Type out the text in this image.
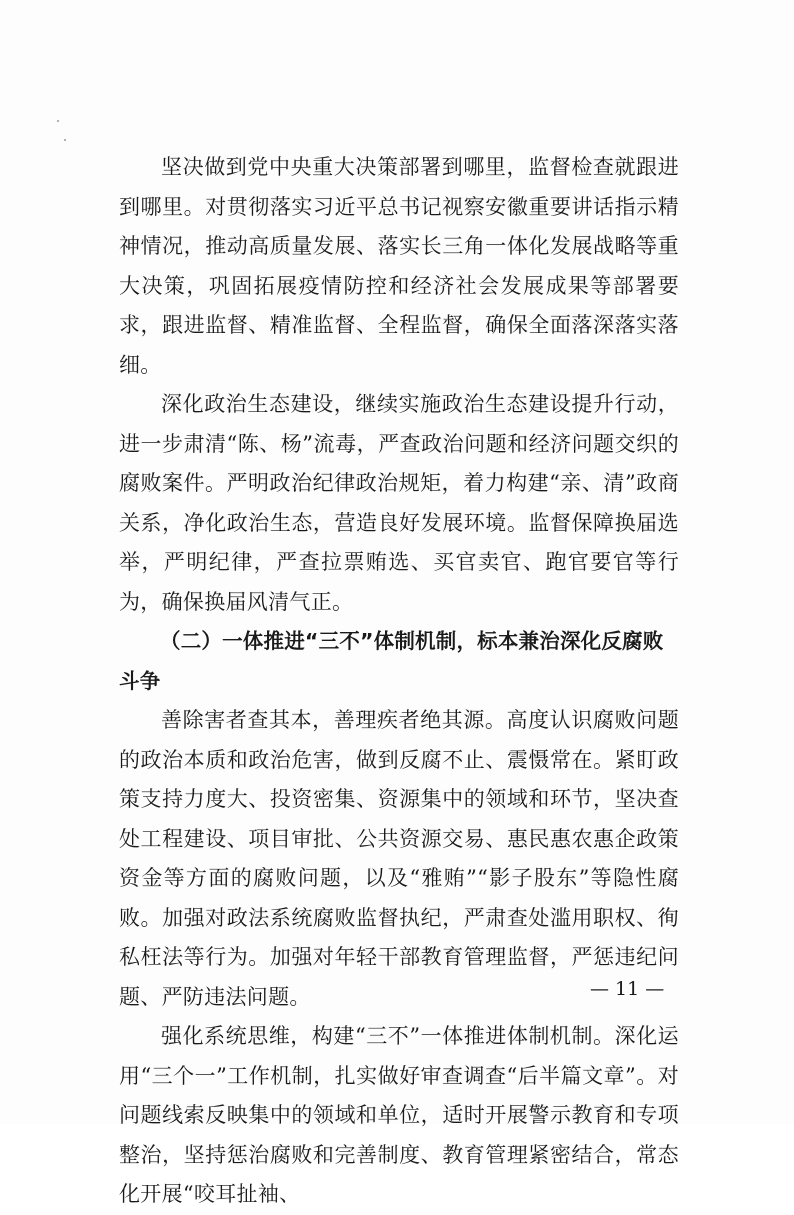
坚决做到党中央重大决策部署到哪里，监督检查就跟进到哪里。对贯彻落实习近平总书记视察安徽重要讲话指示精神情况，推动高质量发展、落实长三角一体化发展战略等重大决策，巩固拓展疫情防控和经济社会发展成果等部署要求，跟进监督、精准监督、全程监督，确保全面落深落实落细。

深化政治生态建设，继续实施政治生态建设提升行动，进一步肃清“陈、杨”流毒，严查政治问题和经济问题交织的腐败案件。严明政治纪律政治规矩，着力构建“亲、清”政商关系，净化政治生态，营造良好发展环境。监督保障换届选举，严明纪律，严查拉票贿选、买官卖官、跑官要官等行为，确保换届风清气正。

（二）一体推进“三不”体制机制，标本兼治深化反腐败斗争

善除害者查其本，善理疾者绝其源。高度认识腐败问题的政治本质和政治危害，做到反腐不止、震慑常在。紧盯政策支持力度大、投资密集、资源集中的领域和环节，坚决查处工程建设、项目审批、公共资源交易、惠民惠农惠企政策资金等方面的腐败问题，以及“雅贿”“影子股东”等隐性腐败。加强对政法系统腐败监督执纪，严肃查处滥用职权、徇私枉法等行为。加强对年轻干部教育管理监督，严惩违纪问题、严防违法问题。

强化系统思维，构建“三不”一体推进体制机制。深化运用“三个一”工作机制，扎实做好审查调查“后半篇文章”。对问题线索反映集中的领域和单位，适时开展警示教育和专项整治，坚持惩治腐败和完善制度、教育管理紧密结合，常态化开展“咬耳扯袖、

— 11 —
